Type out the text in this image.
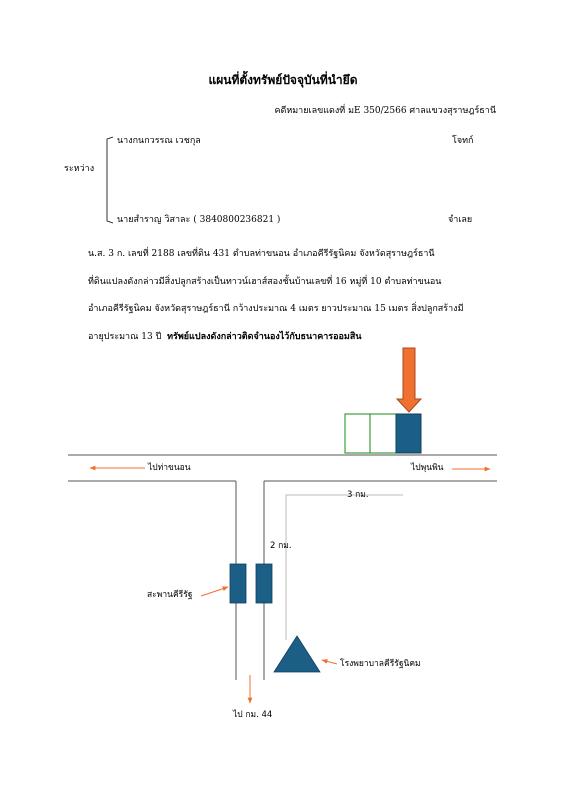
แผนที่ตั้งทรัพย์ปัจจุบันที่นำยึด
คดีหมายเลขแดงที่ มE 350/2566 ศาลแขวงสุราษฎร์ธานี
นางกนกวรรณ เวชกุล	โจทก์
ระหว่าง
นายสำราญ วิสาละ ( 3840800236821 )	จำเลย

น.ส. 3 ก. เลขที่ 2188 เลขที่ดิน 431 ตำบลท่าขนอน อำเภอคีรีรัฐนิคม จังหวัดสุราษฎร์ธานี

ที่ดินแปลงดังกล่าวมีสิ่งปลูกสร้างเป็นทาวน์เฮาส์สองชั้นบ้านเลขที่ 16 หมู่ที่ 10 ตำบลท่าขนอน

อำเภอคีรีรัฐนิคม จังหวัดสุราษฎร์ธานี กว้างประมาณ 4 เมตร ยาวประมาณ 15 เมตร สิ่งปลูกสร้างมี

อายุประมาณ 13 ปี ทรัพย์แปลงดังกล่าวติดจำนองไว้กับธนาคารออมสิน

ไปท่าขนอน	ไปพุนพิน
3 กม.
2 กม.
สะพานคีรีรัฐ
โรงพยาบาลคีรีรัฐนิคม
ไป กม. 44
